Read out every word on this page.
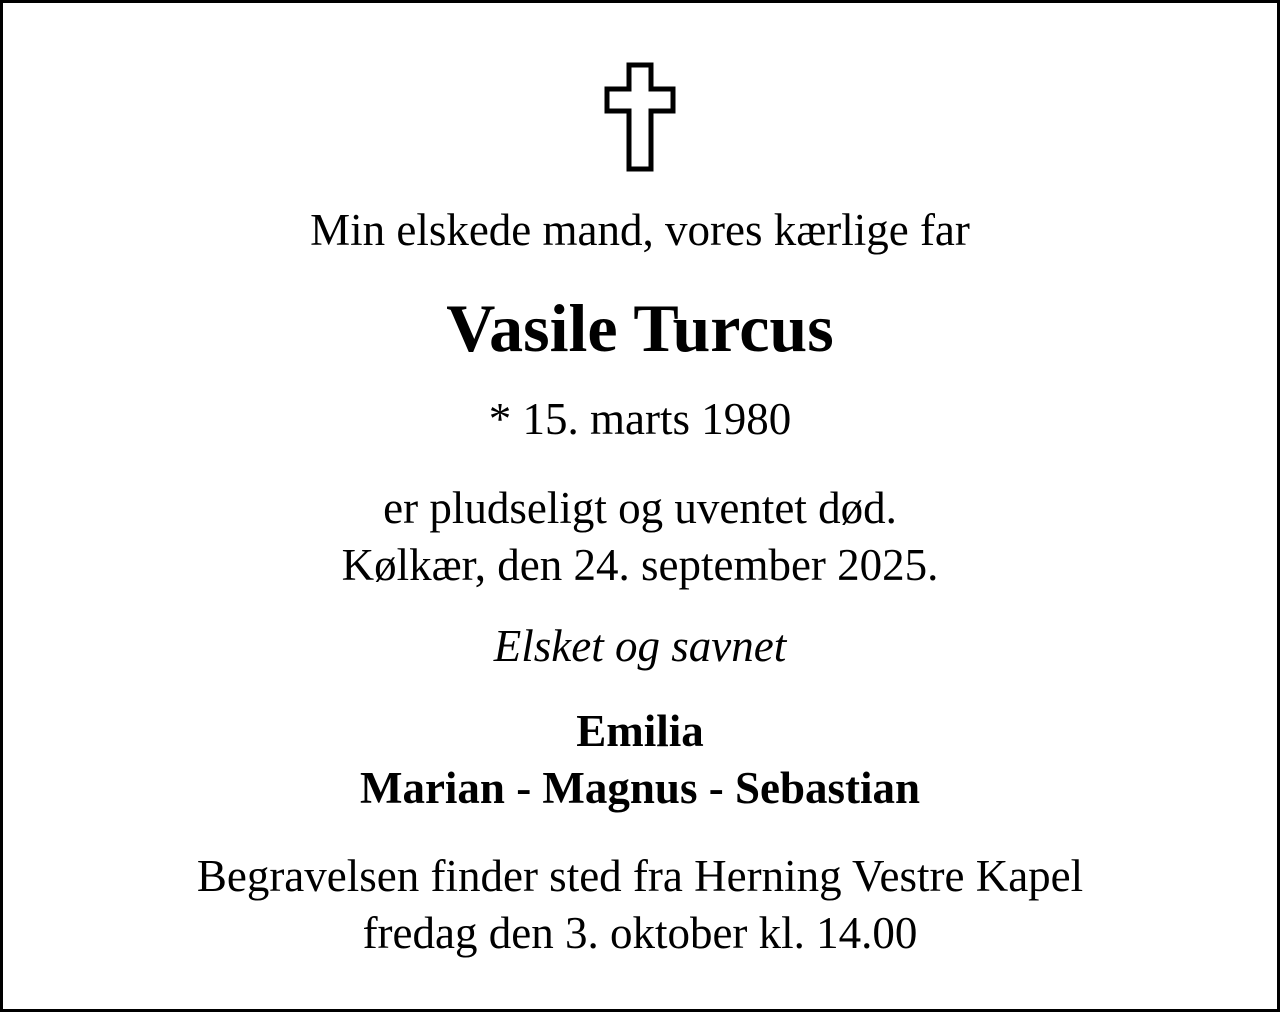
Min elskede mand, vores kærlige far
Vasile Turcus
* 15. marts 1980
er pludseligt og uventet død.
Kølkær, den 24. september 2025.
Elsket og savnet
Emilia
Marian - Magnus - Sebastian
Begravelsen finder sted fra Herning Vestre Kapel
fredag den 3. oktober kl. 14.00
